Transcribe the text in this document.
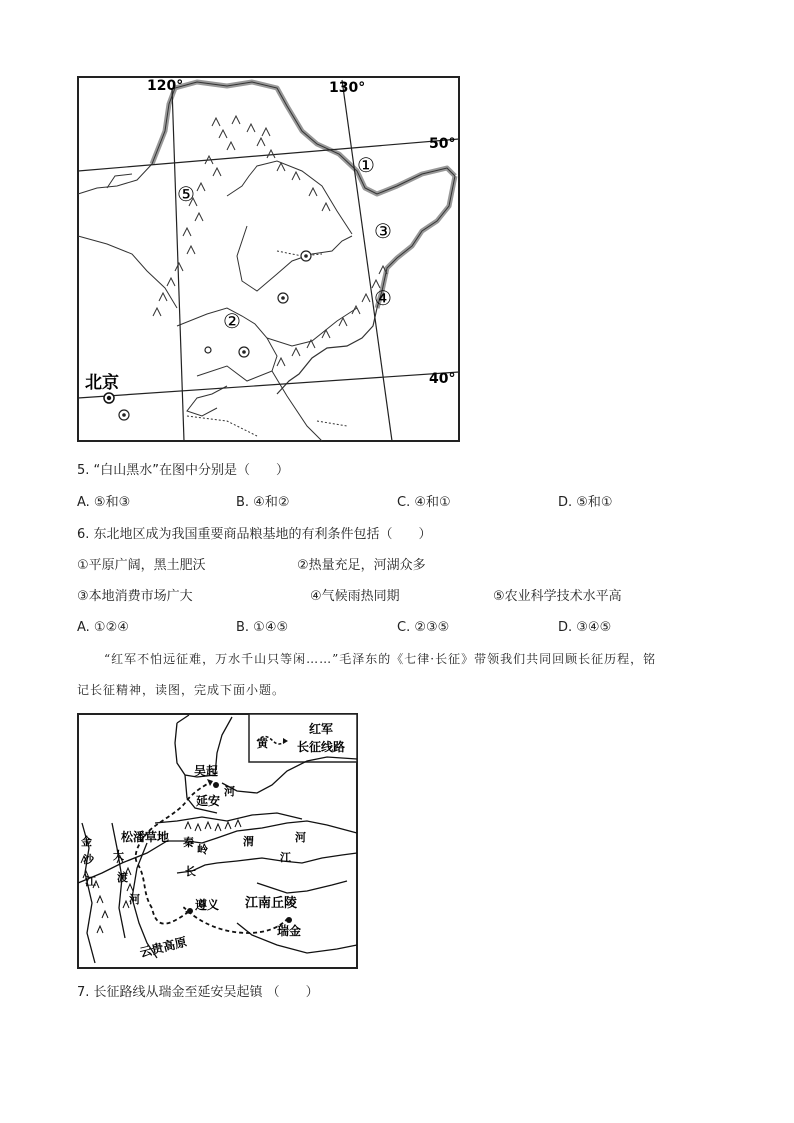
120°	130°
50°
40°
北京
①
②
③
④
⑤
5. “白山黑水”在图中分别是（　　）
A. ⑤和③	B. ④和②	C. ④和①	D. ⑤和①
6. 东北地区成为我国重要商品粮基地的有利条件包括（　　）
①平原广阔，黑土肥沃	②热量充足，河湖众多
③本地消费市场广大	④气候雨热同期	⑤农业科学技术水平高
A. ①②④	B. ①④⑤	C. ②③⑤	D. ③④⑤
“红军不怕远征难，万水千山只等闲……”毛泽东的《七律·长征》带领我们共同回顾长征历程，铭
记长征精神，读图，完成下面小题。
红军
长征线路
吴起
延安
黄
河
松潘草地 秦
岭
渭	河
金
沙
江
大
渡
河
长
江
遵义 江南丘陵
瑞金
云贵高原
7. 长征路线从瑞金至延安吴起镇 （　　）
